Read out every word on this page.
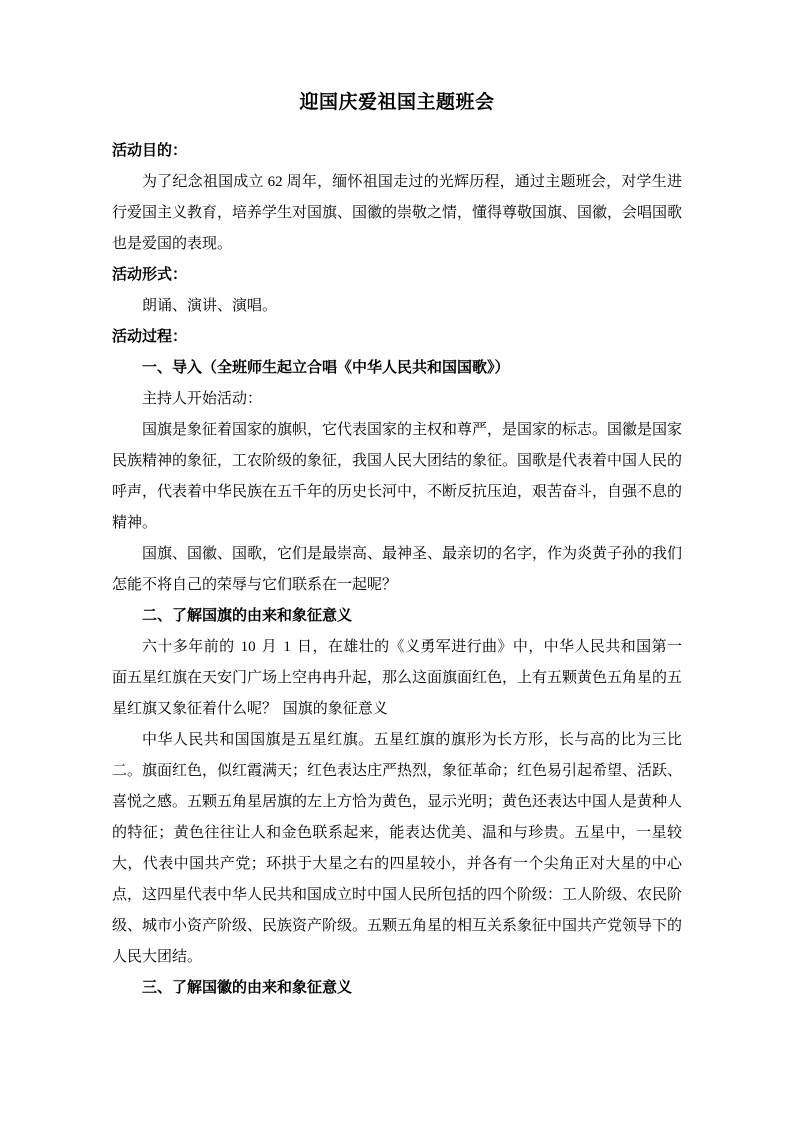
迎国庆爱祖国主题班会

活动目的：

为了纪念祖国成立 62 周年，缅怀祖国走过的光辉历程，通过主题班会，对学生进行爱国主义教育，培养学生对国旗、国徽的崇敬之情，懂得尊敬国旗、国徽，会唱国歌也是爱国的表现。

活动形式：

朗诵、演讲、演唱。

活动过程：

一、导入（全班师生起立合唱《中华人民共和国国歌》）

主持人开始活动：

国旗是象征着国家的旗帜，它代表国家的主权和尊严，是国家的标志。国徽是国家民族精神的象征，工农阶级的象征，我国人民大团结的象征。国歌是代表着中国人民的呼声，代表着中华民族在五千年的历史长河中，不断反抗压迫，艰苦奋斗，自强不息的精神。

国旗、国徽、国歌，它们是最崇高、最神圣、最亲切的名字，作为炎黄子孙的我们怎能不将自己的荣辱与它们联系在一起呢？

二、了解国旗的由来和象征意义

六十多年前的 10 月 1 日，在雄壮的《义勇军进行曲》中，中华人民共和国第一面五星红旗在天安门广场上空冉冉升起，那么这面旗面红色，上有五颗黄色五角星的五星红旗又象征着什么呢？ 国旗的象征意义

中华人民共和国国旗是五星红旗。五星红旗的旗形为长方形，长与高的比为三比二。旗面红色，似红霞满天；红色表达庄严热烈，象征革命；红色易引起希望、活跃、喜悦之感。五颗五角星居旗的左上方恰为黄色，显示光明；黄色还表达中国人是黄种人的特征；黄色往往让人和金色联系起来，能表达优美、温和与珍贵。五星中，一星较大，代表中国共产党；环拱于大星之右的四星较小，并各有一个尖角正对大星的中心点，这四星代表中华人民共和国成立时中国人民所包括的四个阶级：工人阶级、农民阶级、城市小资产阶级、民族资产阶级。五颗五角星的相互关系象征中国共产党领导下的人民大团结。

三、了解国徽的由来和象征意义
